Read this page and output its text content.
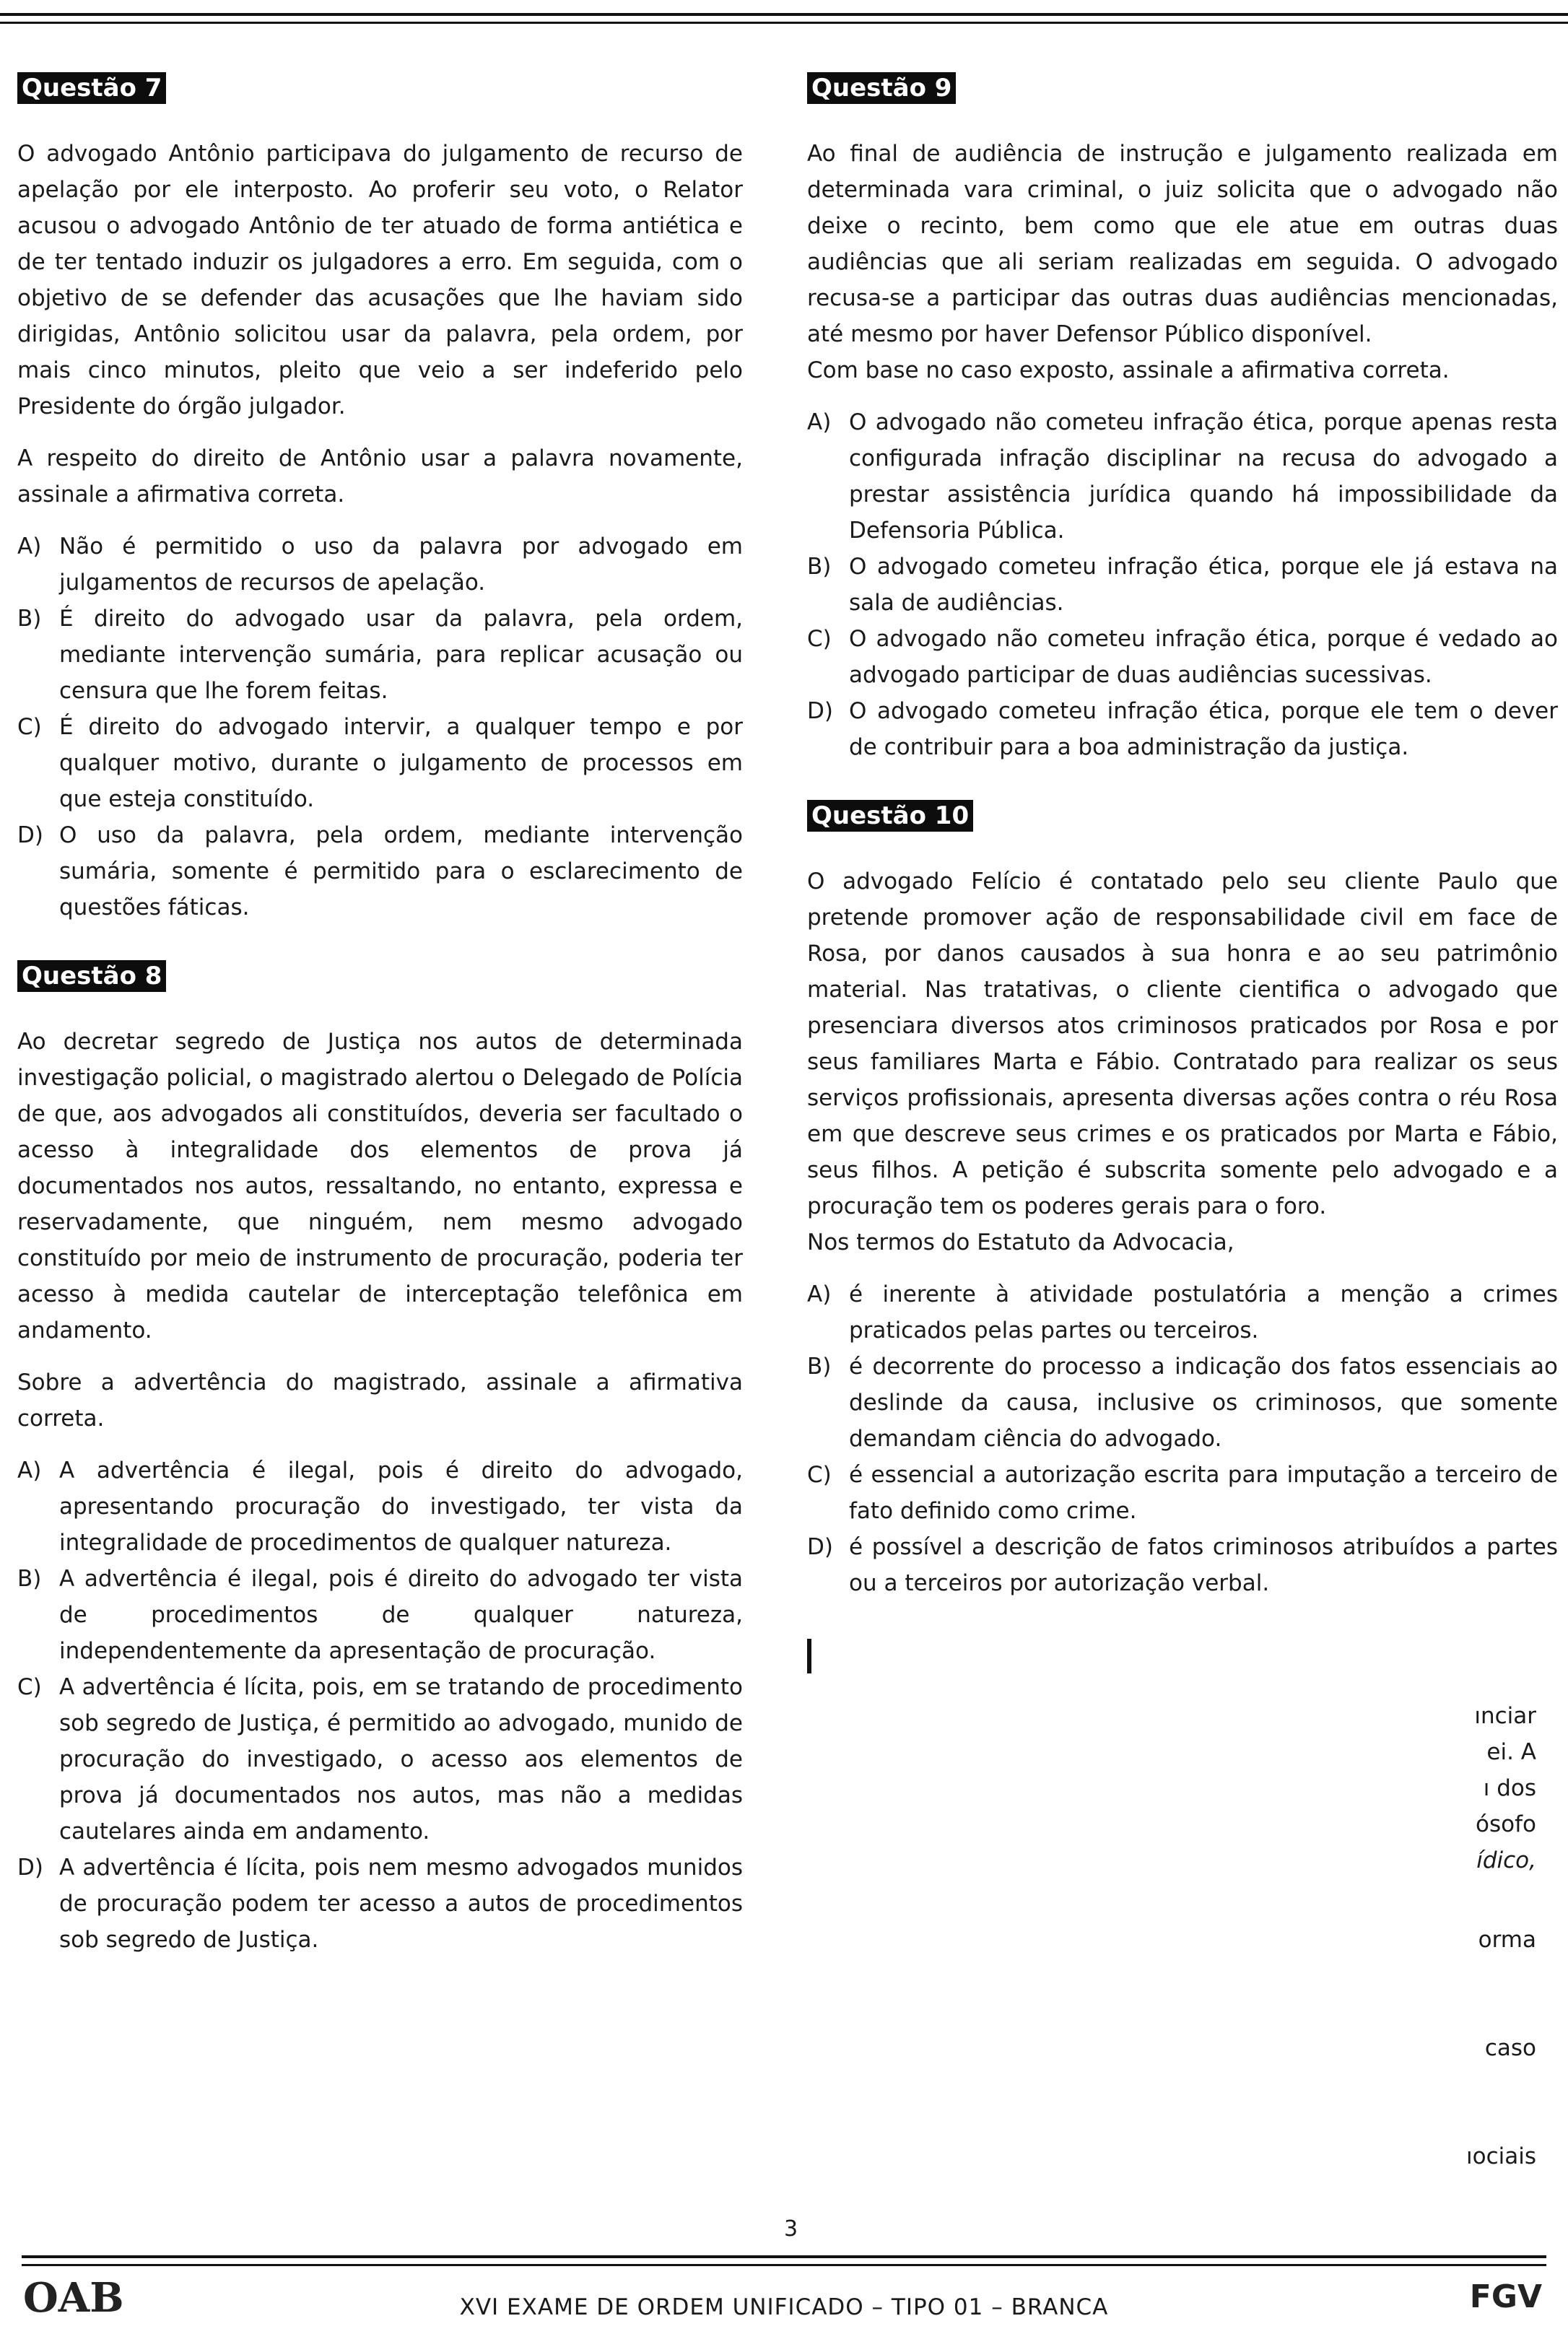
Questão 7

O advogado Antônio participava do julgamento de recurso de apelação por ele interposto. Ao proferir seu voto, o Relator acusou o advogado Antônio de ter atuado de forma antiética e de ter tentado induzir os julgadores a erro. Em seguida, com o objetivo de se defender das acusações que lhe haviam sido dirigidas, Antônio solicitou usar da palavra, pela ordem, por mais cinco minutos, pleito que veio a ser indeferido pelo Presidente do órgão julgador.

A respeito do direito de Antônio usar a palavra novamente, assinale a afirmativa correta.

A) Não é permitido o uso da palavra por advogado em julgamentos de recursos de apelação.
B) É direito do advogado usar da palavra, pela ordem, mediante intervenção sumária, para replicar acusação ou censura que lhe forem feitas.
C) É direito do advogado intervir, a qualquer tempo e por qualquer motivo, durante o julgamento de processos em que esteja constituído.
D) O uso da palavra, pela ordem, mediante intervenção sumária, somente é permitido para o esclarecimento de questões fáticas.
Questão 8

Ao decretar segredo de Justiça nos autos de determinada investigação policial, o magistrado alertou o Delegado de Polícia de que, aos advogados ali constituídos, deveria ser facultado o acesso à integralidade dos elementos de prova já documentados nos autos, ressaltando, no entanto, expressa e reservadamente, que ninguém, nem mesmo advogado constituído por meio de instrumento de procuração, poderia ter acesso à medida cautelar de interceptação telefônica em andamento.

Sobre a advertência do magistrado, assinale a afirmativa correta.

A) A advertência é ilegal, pois é direito do advogado, apresentando procuração do investigado, ter vista da integralidade de procedimentos de qualquer natureza.
B) A advertência é ilegal, pois é direito do advogado ter vista de procedimentos de qualquer natureza, independentemente da apresentação de procuração.
C) A advertência é lícita, pois, em se tratando de procedimento sob segredo de Justiça, é permitido ao advogado, munido de procuração do investigado, o acesso aos elementos de prova já documentados nos autos, mas não a medidas cautelares ainda em andamento.
D) A advertência é lícita, pois nem mesmo advogados munidos de procuração podem ter acesso a autos de procedimentos sob segredo de Justiça.
Questão 9

Ao final de audiência de instrução e julgamento realizada em determinada vara criminal, o juiz solicita que o advogado não deixe o recinto, bem como que ele atue em outras duas audiências que ali seriam realizadas em seguida. O advogado recusa-se a participar das outras duas audiências mencionadas, até mesmo por haver Defensor Público disponível.

Com base no caso exposto, assinale a afirmativa correta.

A) O advogado não cometeu infração ética, porque apenas resta configurada infração disciplinar na recusa do advogado a prestar assistência jurídica quando há impossibilidade da Defensoria Pública.
B) O advogado cometeu infração ética, porque ele já estava na sala de audiências.
C) O advogado não cometeu infração ética, porque é vedado ao advogado participar de duas audiências sucessivas.
D) O advogado cometeu infração ética, porque ele tem o dever de contribuir para a boa administração da justiça.
Questão 10

O advogado Felício é contatado pelo seu cliente Paulo que pretende promover ação de responsabilidade civil em face de Rosa, por danos causados à sua honra e ao seu patrimônio material. Nas tratativas, o cliente cientifica o advogado que presenciara diversos atos criminosos praticados por Rosa e por seus familiares Marta e Fábio. Contratado para realizar os seus serviços profissionais, apresenta diversas ações contra o réu Rosa em que descreve seus crimes e os praticados por Marta e Fábio, seus filhos. A petição é subscrita somente pelo advogado e a procuração tem os poderes gerais para o foro.

Nos termos do Estatuto da Advocacia,

A) é inerente à atividade postulatória a menção a crimes praticados pelas partes ou terceiros.
B) é decorrente do processo a indicação dos fatos essenciais ao deslinde da causa, inclusive os criminosos, que somente demandam ciência do advogado.
C) é essencial a autorização escrita para imputação a terceiro de fato definido como crime.
D) é possível a descrição de fatos criminosos atribuídos a partes ou a terceiros por autorização verbal.
ınciar
ei. A
ı dos
ósofo
ídico,
orma
caso
ıociais
3
OAB	XVI EXAME DE ORDEM UNIFICADO – TIPO 01 – BRANCA	FGV
